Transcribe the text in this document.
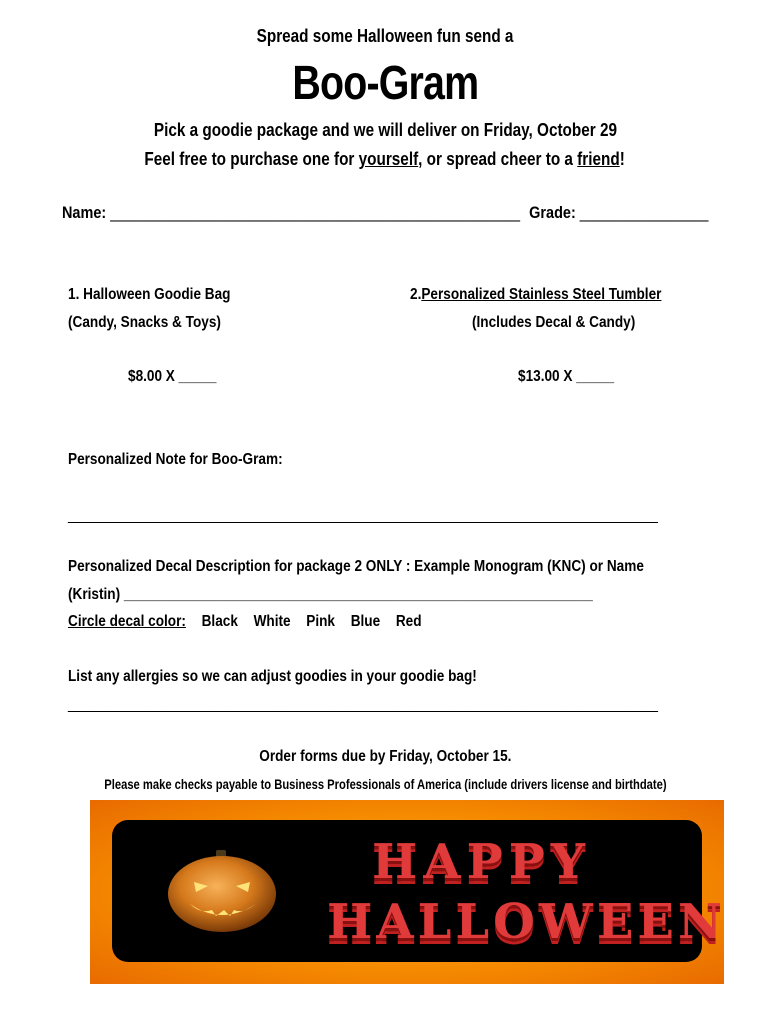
Spread some Halloween fun send a
Boo-Gram
Pick a goodie package and we will deliver on Friday, October 29
Feel free to purchase one for yourself, or spread cheer to a friend!
Name: ___________________________________________________ Grade: ________________
1. Halloween Goodie Bag
(Candy, Snacks & Toys)
$8.00 X _____
2.Personalized Stainless Steel Tumbler
(Includes Decal & Candy)
$13.00 X _____
Personalized Note for Boo-Gram:
______________________________________________________________________________
Personalized Decal Description for package 2 ONLY : Example Monogram (KNC) or Name
(Kristin) ______________________________________________________________
Circle decal color: Black White Pink Blue Red
List any allergies so we can adjust goodies in your goodie bag!
______________________________________________________________________________
Order forms due by Friday, October 15.
Please make checks payable to Business Professionals of America (include drivers license and birthdate)
HAPPY
HALLOWEEN
